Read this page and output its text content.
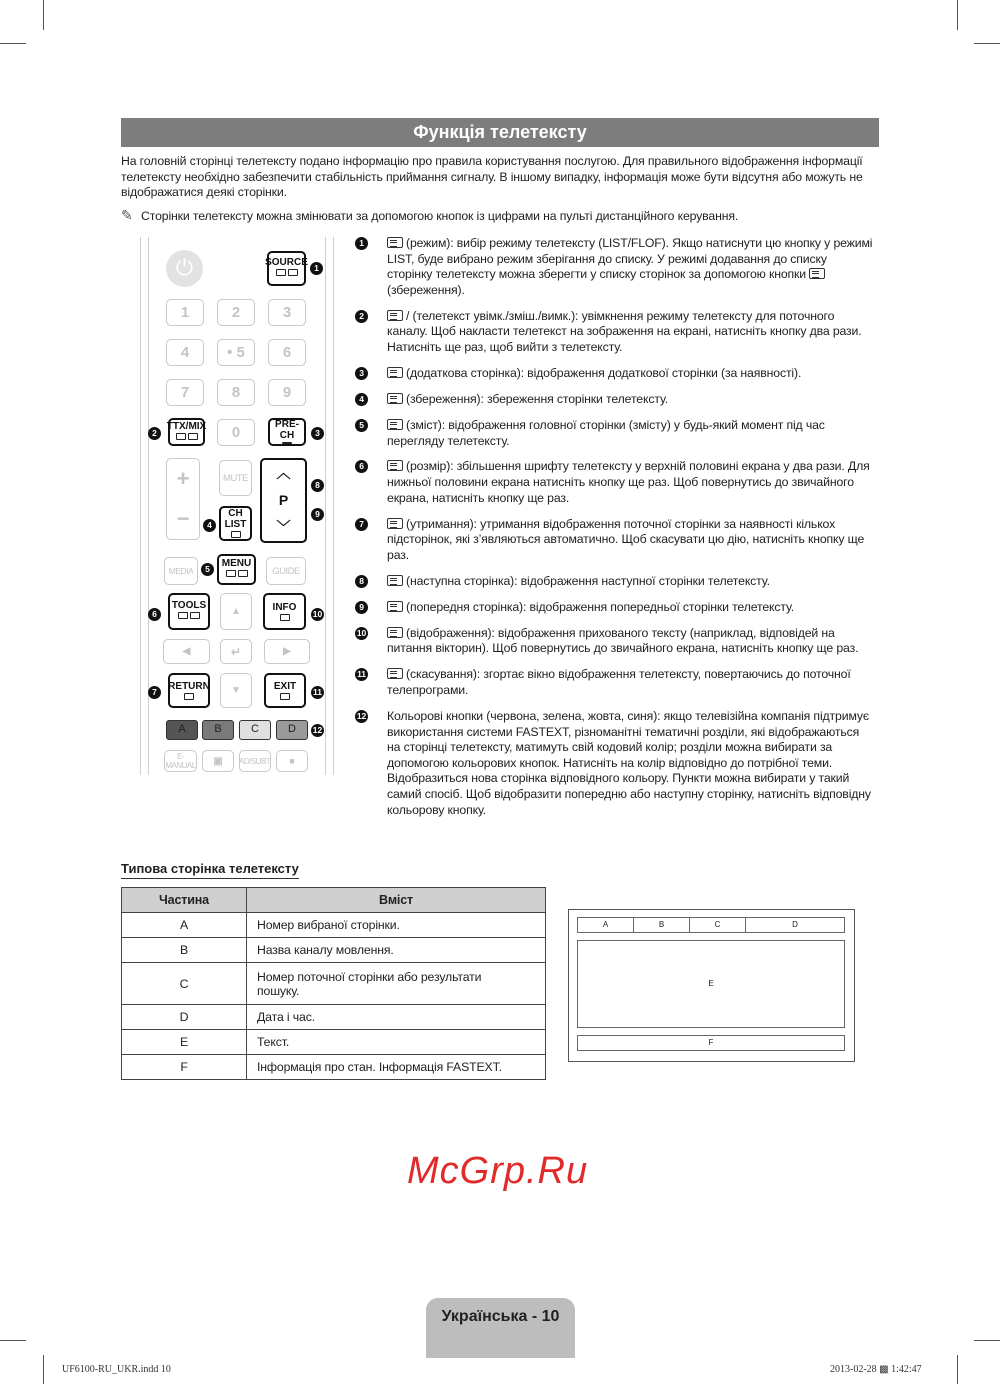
Функція телетексту
На головній сторінці телетексту подано інформацію про правила користування послугою. Для правильного відображення інформації телетексту необхідно забезпечити стабільність приймання сигналу. В іншому випадку, інформація може бути відсутня або можуть не відображатися деякі сторінки.
✎ Сторінки телетексту можна змінювати за допомогою кнопок із цифрами на пульті дистанційного керування.
⏻	SOURCE 1
1	2	3
4	• 5	6
7	8	9
0
TTX/MIX
2
PRE-CH	3
+
−
MUTE
CH LIST
4
︿
P
﹀
8
9
MEDIA	5	MENU
GUIDE
TOOLS
6	▲	INFO
10
◀	↵	▶
RETURN
7	▼	EXIT
11
A	B	C	D	12
E-MANUAL	▣	AD/SUBT.	■
1	(режим): вибір режиму телетексту (LIST/FLOF). Якщо натиснути цю кнопку у режимі LIST, буде вибрано режим зберігання до списку. У режимі додавання до списку сторінку телетексту можна зберегти у списку сторінок за допомогою кнопки (збереження).
2	/ (телетекст увімк./зміш./вимк.): увімкнення режиму телетексту для поточного каналу. Щоб накласти телетекст на зображення на екрані, натисніть кнопку два рази. Натисніть ще раз, щоб вийти з телетексту.
3	(додаткова сторінка): відображення додаткової сторінки (за наявності).
4	(збереження): збереження сторінки телетексту.
5	(зміст): відображення головної сторінки (змісту) у будь-який момент під час перегляду телетексту.
6	(розмір): збільшення шрифту телетексту у верхній половині екрана у два рази. Для нижньої половини екрана натисніть кнопку ще раз. Щоб повернутись до звичайного екрана, натисніть кнопку ще раз.
7	(утримання): утримання відображення поточної сторінки за наявності кількох підсторінок, які з’являються автоматично. Щоб скасувати цю дію, натисніть кнопку ще раз.
8	(наступна сторінка): відображення наступної сторінки телетексту.
9	(попередня сторінка): відображення попередньої сторінки телетексту.
10	(відображення): відображення прихованого тексту (наприклад, відповідей на питання вікторин). Щоб повернутись до звичайного екрана, натисніть кнопку ще раз.
11	(скасування): згортає вікно відображення телетексту, повертаючись до поточної телепрограми.
12 Кольорові кнопки (червона, зелена, жовта, синя): якщо телевізійна компанія підтримує використання системи FASTEXT, різноманітні тематичні розділи, які відображаються на сторінці телетексту, матимуть свій кодовий колір; розділи можна вибирати за допомогою кольорових кнопок. Натисніть на колір відповідно до потрібної теми. Відобразиться нова сторінка відповідного кольору. Пункти можна вибирати у такий самий спосіб. Щоб відобразити попередню або наступну сторінку, натисніть відповідну кольорову кнопку.
McGrp.Ru
Типова сторінка телетексту
Частина	Вміст
A	Номер вибраної сторінки.
B	Назва каналу мовлення.
C	Номер поточної сторінки або результати пошуку.
D	Дата і час.
E	Текст.
F	Інформація про стан. Інформація FASTEXT.
A	B	C	D
E
F
Українська - 10
UF6100-RU_UKR.indd 10	2013-02-28 ▩ 1:42:47
